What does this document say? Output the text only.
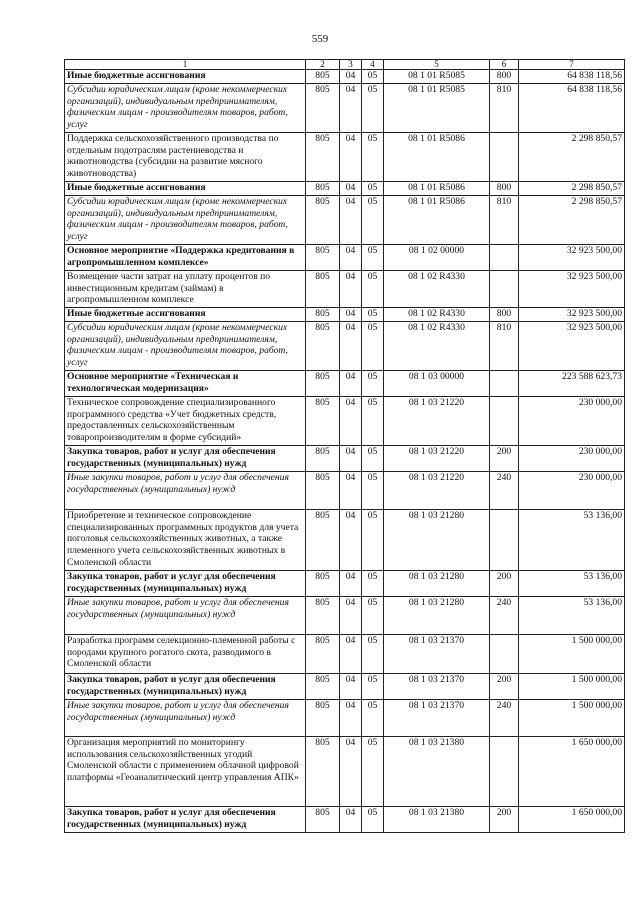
559
1	2	3	4	5	6	7
Иные бюджетные ассигнования	805	04	05	08 1 01 R5085	800	64 838 118,56
Субсидии юридическим лицам (кроме некоммерческих организаций), индивидуальным предпринимателям, физическим лицам - производителям товаров, работ, услуг	805	04	05	08 1 01 R5085	810	64 838 118,56
Поддержка сельскохозяйственного производства по отдельным подотраслям растениеводства и животноводства (субсидии на развитие мясного животноводства)	805	04	05	08 1 01 R5086		2 298 850,57
Иные бюджетные ассигнования	805	04	05	08 1 01 R5086	800	2 298 850,57
Субсидии юридическим лицам (кроме некоммерческих организаций), индивидуальным предпринимателям, физическим лицам - производителям товаров, работ, услуг	805	04	05	08 1 01 R5086	810	2 298 850,57
Основное мероприятие «Поддержка кредитования в агропромышленном комплексе»	805	04	05	08 1 02 00000		32 923 500,00
Возмещение части затрат на уплату процентов по инвестиционным кредитам (займам) в агропромышленном комплексе	805	04	05	08 1 02 R4330		32 923 500,00
Иные бюджетные ассигнования	805	04	05	08 1 02 R4330	800	32 923 500,00
Субсидии юридическим лицам (кроме некоммерческих организаций), индивидуальным предпринимателям, физическим лицам - производителям товаров, работ, услуг	805	04	05	08 1 02 R4330	810	32 923 500,00
Основное мероприятие «Техническая и технологическая модернизация»	805	04	05	08 1 03 00000		223 588 623,73
Техническое сопровождение специализированного программного средства «Учет бюджетных средств, предоставленных сельскохозяйственным товаропроизводителям в форме субсидий»	805	04	05	08 1 03 21220		230 000,00
Закупка товаров, работ и услуг для обеспечения государственных (муниципальных) нужд	805	04	05	08 1 03 21220	200	230 000,00
Иные закупки товаров, работ и услуг для обеспечения государственных (муниципальных) нужд	805	04	05	08 1 03 21220	240	230 000,00
Приобретение и техническое сопровождение специализированных программных продуктов для учета поголовья сельскохозяйственных животных, а также племенного учета сельскохозяйственных животных в Смоленской области	805	04	05	08 1 03 21280		53 136,00
Закупка товаров, работ и услуг для обеспечения государственных (муниципальных) нужд	805	04	05	08 1 03 21280	200	53 136,00
Иные закупки товаров, работ и услуг для обеспечения государственных (муниципальных) нужд	805	04	05	08 1 03 21280	240	53 136,00
Разработка программ селекционно-племенной работы с породами крупного рогатого скота, разводимого в Смоленской области	805	04	05	08 1 03 21370		1 500 000,00
Закупка товаров, работ и услуг для обеспечения государственных (муниципальных) нужд	805	04	05	08 1 03 21370	200	1 500 000,00
Иные закупки товаров, работ и услуг для обеспечения государственных (муниципальных) нужд	805	04	05	08 1 03 21370	240	1 500 000,00
Организация мероприятий по мониторингу использования сельскохозяйственных угодий Смоленской области с применением облачной цифровой платформы «Геоаналитический центр управления АПК»	805	04	05	08 1 03 21380		1 650 000,00
Закупка товаров, работ и услуг для обеспечения государственных (муниципальных) нужд	805	04	05	08 1 03 21380	200	1 650 000,00
